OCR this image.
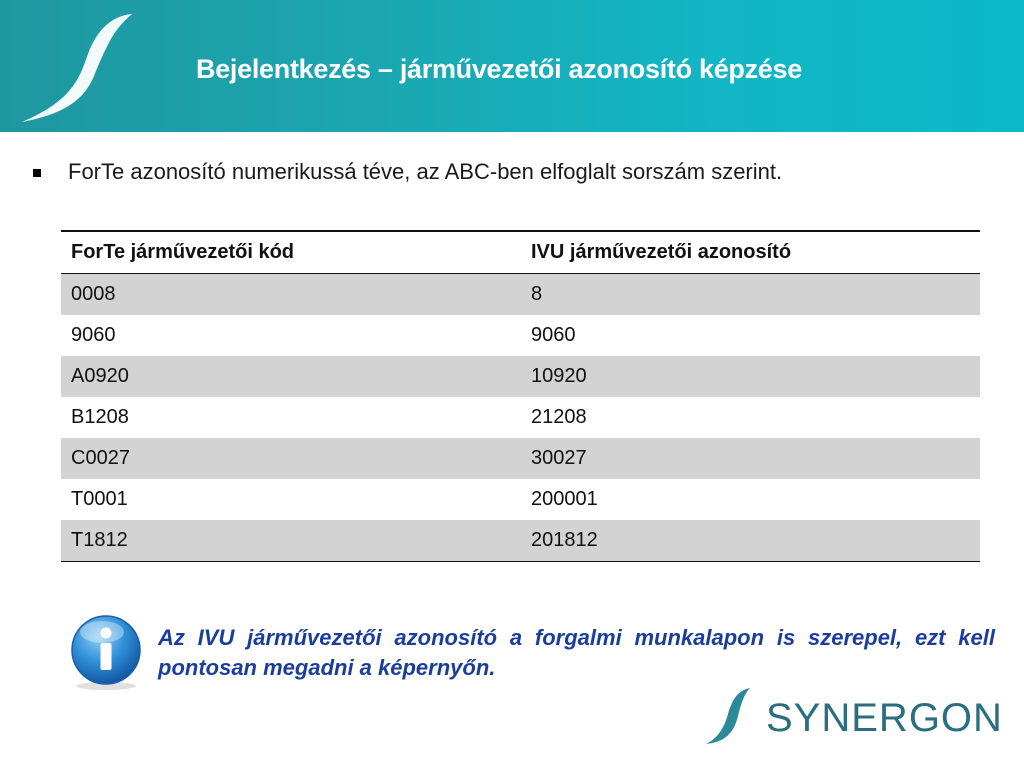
Bejelentkezés – járművezetői azonosító képzése
ForTe azonosító numerikussá téve, az ABC-ben elfoglalt sorszám szerint.
ForTe járművezetői kód	IVU járművezetői azonosító
0008	8
9060	9060
A0920	10920
B1208	21208
C0027	30027
T0001	200001
T1812	201812
Az IVU járművezetői azonosító a forgalmi munkalapon is szerepel, ezt kell pontosan megadni a képernyőn.
SYNERGON
